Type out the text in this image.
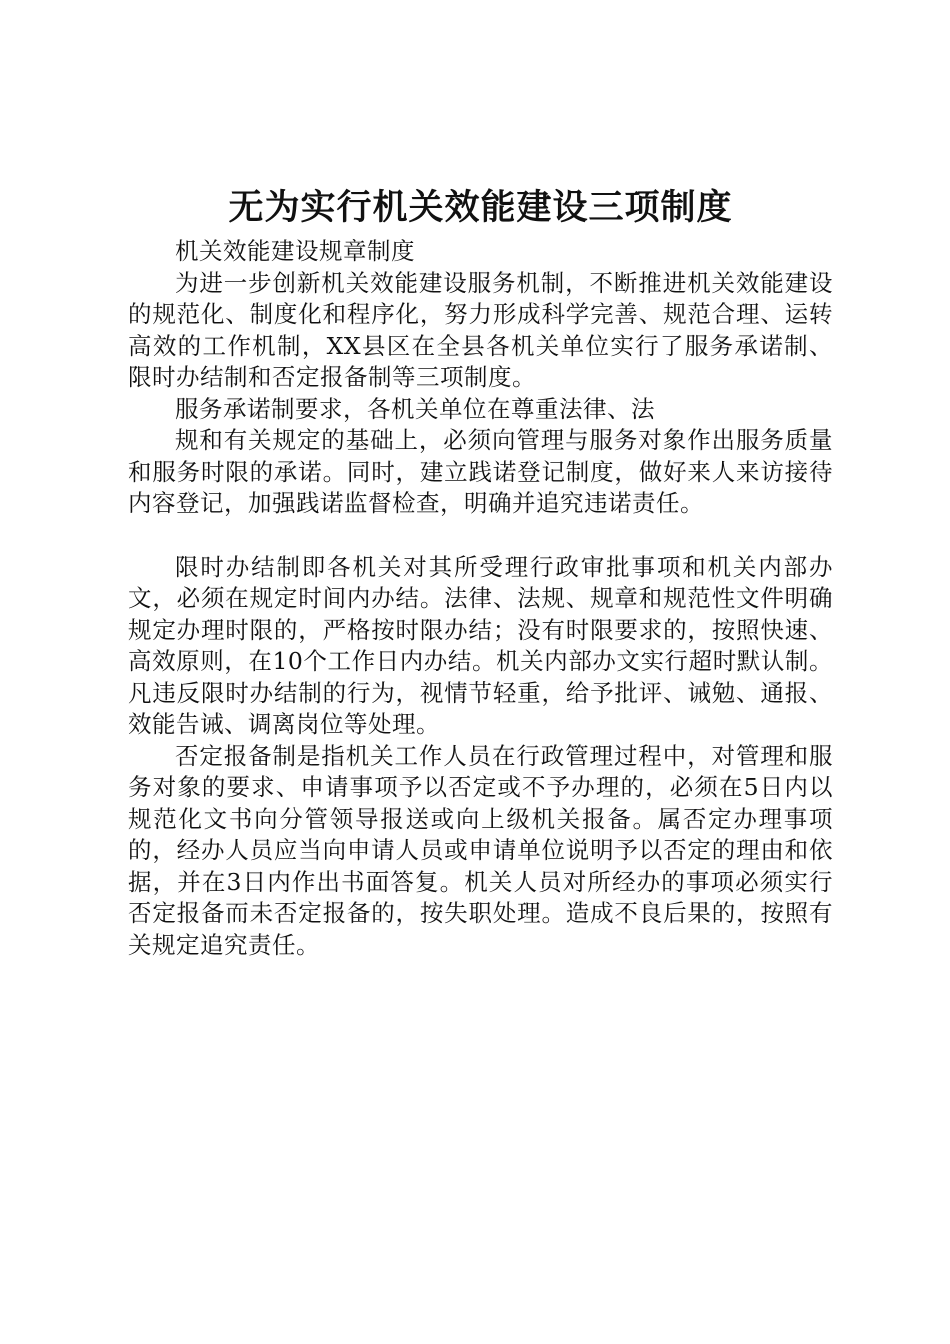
无为实行机关效能建设三项制度

机关效能建设规章制度

为进一步创新机关效能建设服务机制，不断推进机关效能建设的规范化、制度化和程序化，努力形成科学完善、规范合理、运转高效的工作机制，XX县区在全县各机关单位实行了服务承诺制、限时办结制和否定报备制等三项制度。

服务承诺制要求，各机关单位在尊重法律、法

规和有关规定的基础上，必须向管理与服务对象作出服务质量和服务时限的承诺。同时，建立践诺登记制度，做好来人来访接待内容登记，加强践诺监督检查，明确并追究违诺责任。

限时办结制即各机关对其所受理行政审批事项和机关内部办文，必须在规定时间内办结。法律、法规、规章和规范性文件明确规定办理时限的，严格按时限办结；没有时限要求的，按照快速、高效原则，在10个工作日内办结。机关内部办文实行超时默认制。凡违反限时办结制的行为，视情节轻重，给予批评、诫勉、通报、效能告诫、调离岗位等处理。

否定报备制是指机关工作人员在行政管理过程中，对管理和服务对象的要求、申请事项予以否定或不予办理的，必须在5日内以规范化文书向分管领导报送或向上级机关报备。属否定办理事项的，经办人员应当向申请人员或申请单位说明予以否定的理由和依据，并在3日内作出书面答复。机关人员对所经办的事项必须实行否定报备而未否定报备的，按失职处理。造成不良后果的，按照有关规定追究责任。
